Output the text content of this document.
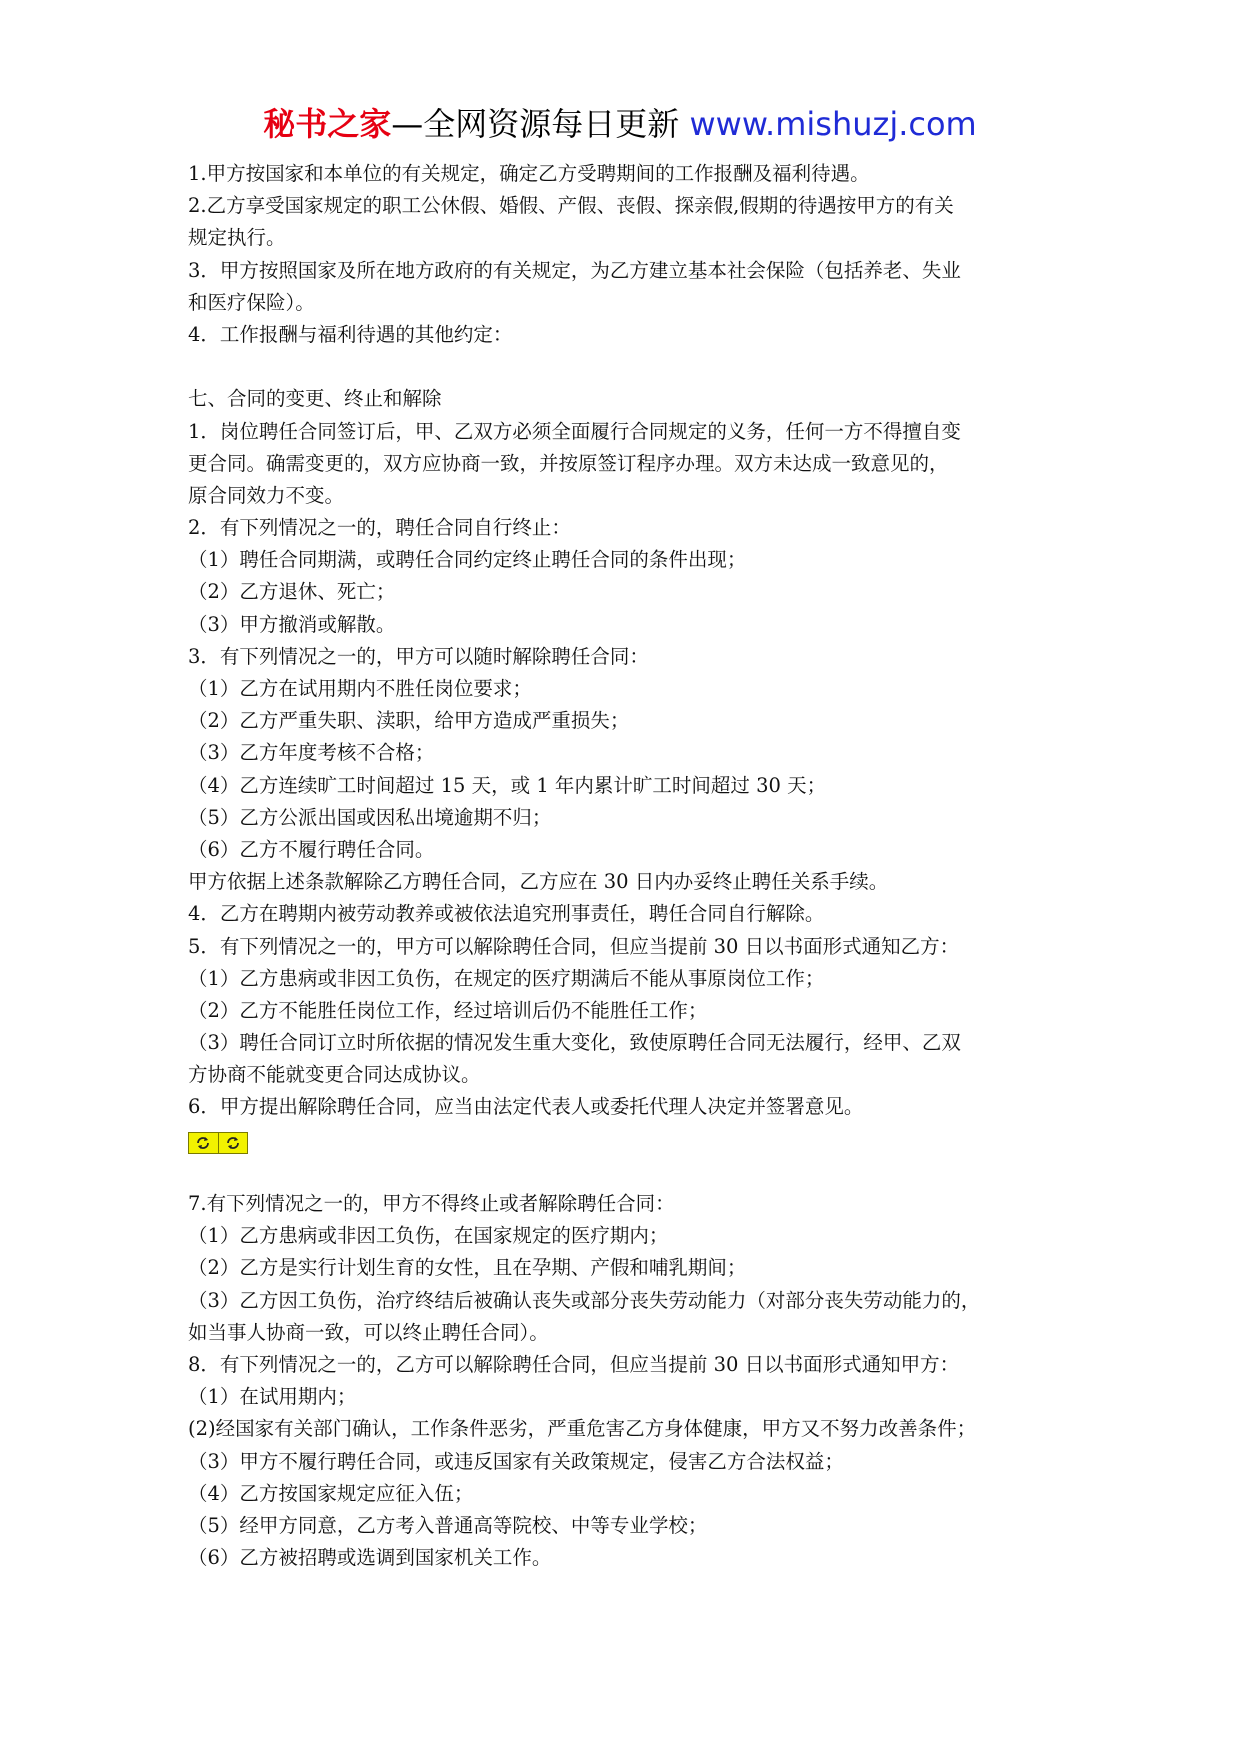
秘书之家—全网资源每日更新 www.mishuzj.com
1.甲方按国家和本单位的有关规定，确定乙方受聘期间的工作报酬及福利待遇。
2.乙方享受国家规定的职工公休假、婚假、产假、丧假、探亲假,假期的待遇按甲方的有关
规定执行。
3．甲方按照国家及所在地方政府的有关规定，为乙方建立基本社会保险（包括养老、失业
和医疗保险）。
4．工作报酬与福利待遇的其他约定：
七、合同的变更、终止和解除
1．岗位聘任合同签订后，甲、乙双方必须全面履行合同规定的义务，任何一方不得擅自变
更合同。确需变更的，双方应协商一致，并按原签订程序办理。双方未达成一致意见的，
原合同效力不变。
2．有下列情况之一的，聘任合同自行终止：
（1）聘任合同期满，或聘任合同约定终止聘任合同的条件出现；
（2）乙方退休、死亡；
（3）甲方撤消或解散。
3．有下列情况之一的，甲方可以随时解除聘任合同：
（1）乙方在试用期内不胜任岗位要求；
（2）乙方严重失职、渎职，给甲方造成严重损失；
（3）乙方年度考核不合格；
（4）乙方连续旷工时间超过 15 天，或 1 年内累计旷工时间超过 30 天；
（5）乙方公派出国或因私出境逾期不归；
（6）乙方不履行聘任合同。
甲方依据上述条款解除乙方聘任合同，乙方应在 30 日内办妥终止聘任关系手续。
4．乙方在聘期内被劳动教养或被依法追究刑事责任，聘任合同自行解除。
5．有下列情况之一的，甲方可以解除聘任合同，但应当提前 30 日以书面形式通知乙方：
（1）乙方患病或非因工负伤，在规定的医疗期满后不能从事原岗位工作；
（2）乙方不能胜任岗位工作，经过培训后仍不能胜任工作；
（3）聘任合同订立时所依据的情况发生重大变化，致使原聘任合同无法履行，经甲、乙双
方协商不能就变更合同达成协议。
6．甲方提出解除聘任合同，应当由法定代表人或委托代理人决定并签署意见。
7.有下列情况之一的，甲方不得终止或者解除聘任合同：
（1）乙方患病或非因工负伤，在国家规定的医疗期内；
（2）乙方是实行计划生育的女性，且在孕期、产假和哺乳期间；
（3）乙方因工负伤，治疗终结后被确认丧失或部分丧失劳动能力（对部分丧失劳动能力的，
如当事人协商一致，可以终止聘任合同）。
8．有下列情况之一的，乙方可以解除聘任合同，但应当提前 30 日以书面形式通知甲方：
（1）在试用期内；
(2)经国家有关部门确认，工作条件恶劣，严重危害乙方身体健康，甲方又不努力改善条件；
（3）甲方不履行聘任合同，或违反国家有关政策规定，侵害乙方合法权益；
（4）乙方按国家规定应征入伍；
（5）经甲方同意，乙方考入普通高等院校、中等专业学校；
（6）乙方被招聘或选调到国家机关工作。
